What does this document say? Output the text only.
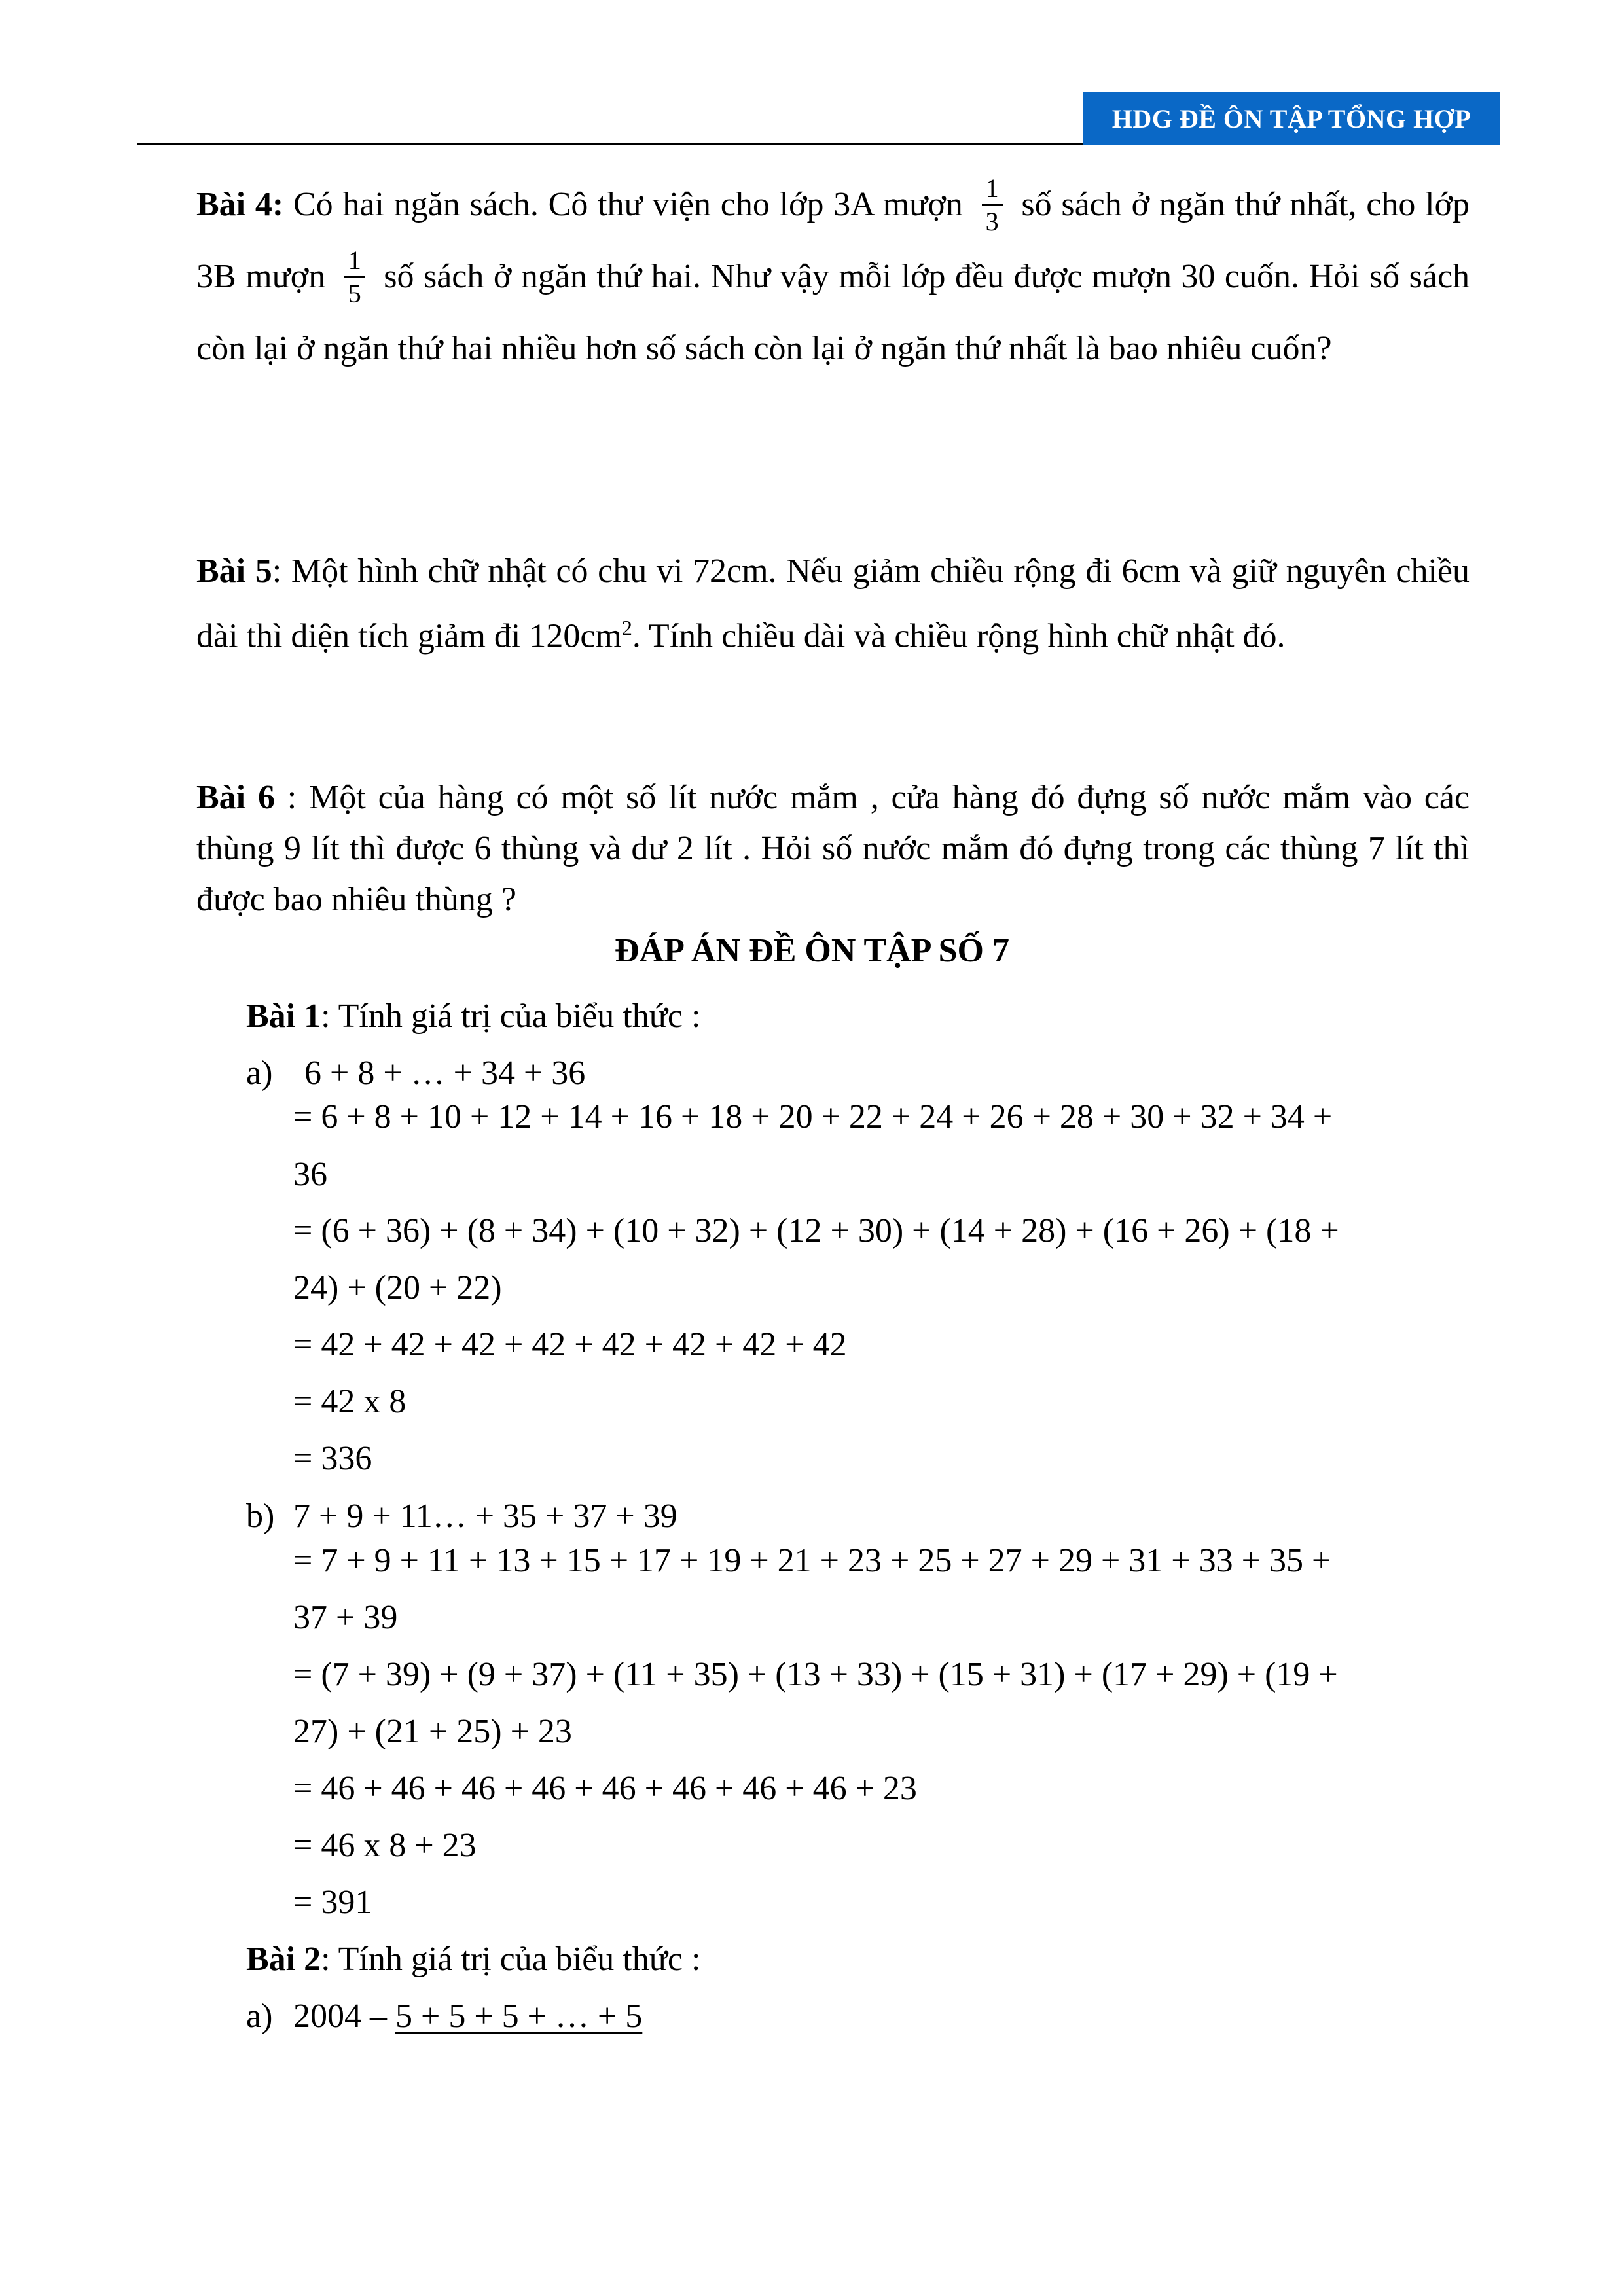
HDG ĐỀ ÔN TẬP TỔNG HỢP
Bài 4: Có hai ngăn sách. Cô thư viện cho lớp 3A mượn $\frac{1}{3}$ số sách ở ngăn thứ nhất, cho lớp 3B mượn $\frac{1}{5}$ số sách ở ngăn thứ hai. Như vậy mỗi lớp đều được mượn 30 cuốn. Hỏi số sách còn lại ở ngăn thứ hai nhiều hơn số sách còn lại ở ngăn thứ nhất là bao nhiêu cuốn?
Bài 5: Một hình chữ nhật có chu vi 72cm. Nếu giảm chiều rộng đi 6cm và giữ nguyên chiều dài thì diện tích giảm đi $120cm^2$. Tính chiều dài và chiều rộng hình chữ nhật đó.
Bài 6 : Một của hàng có một số lít nước mắm , cửa hàng đó đựng số nước mắm vào các thùng 9 lít thì được 6 thùng và dư 2 lít . Hỏi số nước mắm đó đựng trong các thùng 7 lít thì được bao nhiêu thùng ?
ĐÁP ÁN ĐỀ ÔN TẬP SỐ 7
Bài 1: Tính giá trị của biểu thức :
a) 6 + 8 + … + 34 + 36
= 6 + 8 + 10 + 12 + 14 + 16 + 18 + 20 + 22 + 24 + 26 + 28 + 30 + 32 + 34 +
36
= (6 + 36) + (8 + 34) + (10 + 32) + (12 + 30) + (14 + 28) + (16 + 26) + (18 +
24) + (20 + 22)
= 42 + 42 + 42 + 42 + 42 + 42 + 42 + 42
= 42 x 8
= 336
b) 7 + 9 + 11… + 35 + 37 + 39
= 7 + 9 + 11 + 13 + 15 + 17 + 19 + 21 + 23 + 25 + 27 + 29 + 31 + 33 + 35 +
37 + 39
= (7 + 39) + (9 + 37) + (11 + 35) + (13 + 33) + (15 + 31) + (17 + 29) + (19 +
27) + (21 + 25) + 23
= 46 + 46 + 46 + 46 + 46 + 46 + 46 + 46 + 23
= 46 x 8 + 23
= 391
Bài 2: Tính giá trị của biểu thức :
a) 2004 – 5 + 5 + 5 + … + 5
